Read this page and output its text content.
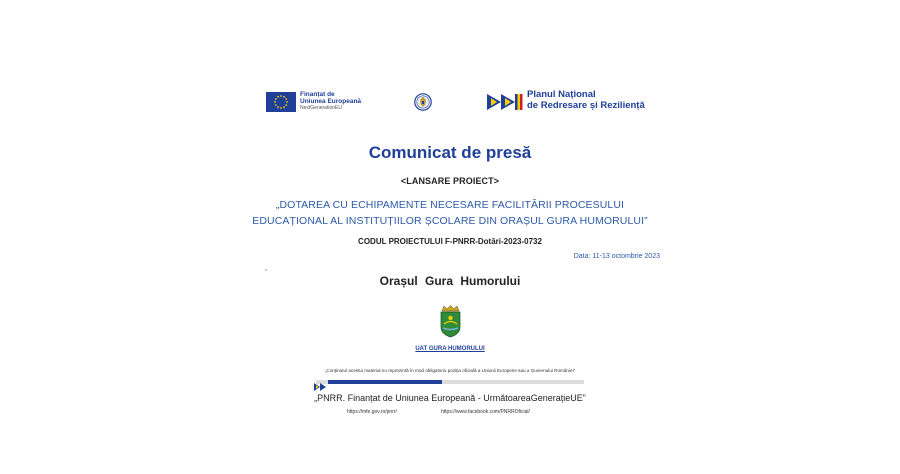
Finanțat de
Uniunea Europeană
NextGenerationEU
Planul Național
de Redresare și Reziliență
Comunicat de presă
<LANSARE PROIECT>
„DOTAREA CU ECHIPAMENTE NECESARE FACILITĂRII PROCESULUI
EDUCAȚIONAL AL INSTITUȚIILOR ȘCOLARE DIN ORAȘUL GURA HUMORULUI”
CODUL PROIECTULUI F-PNRR-Dotări-2023-0732
Data: 11-13 octombrie 2023
Orașul Gura Humorului
UAT GURA HUMORULUI
„Conținutul acestui material nu reprezintă în mod obligatoriu poziția oficială a Uniunii Europene sau a Guvernului României”
„PNRR. Finanțat de Uniunea Europeană - UrmătoareaGenerațieUE”
https://mfe.gov.ro/pnrr/	https://www.facebook.com/PNRROficial/
